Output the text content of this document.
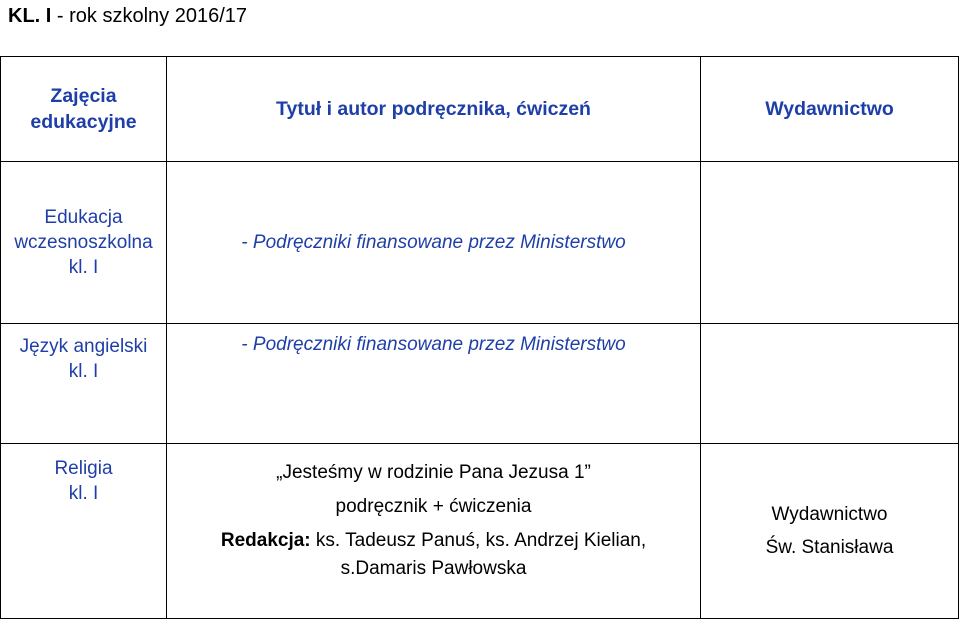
KL. I - rok szkolny 2016/17
Zajęcia
edukacyjne	Tytuł i autor podręcznika, ćwiczeń	Wydawnictwo

Edukacja
wczesnoszkolna
kl. I	- Podręczniki finansowane przez Ministerstwo	

Język angielski
kl. I	- Podręczniki finansowane przez Ministerstwo	

Religia
kl. I	„Jesteśmy w rodzinie Pana Jezusa 1”
podręcznik + ćwiczenia
Redakcja: ks. Tadeusz Panuś, ks. Andrzej Kielian,
s.Damaris Pawłowska	Wydawnictwo
Św. Stanisława
